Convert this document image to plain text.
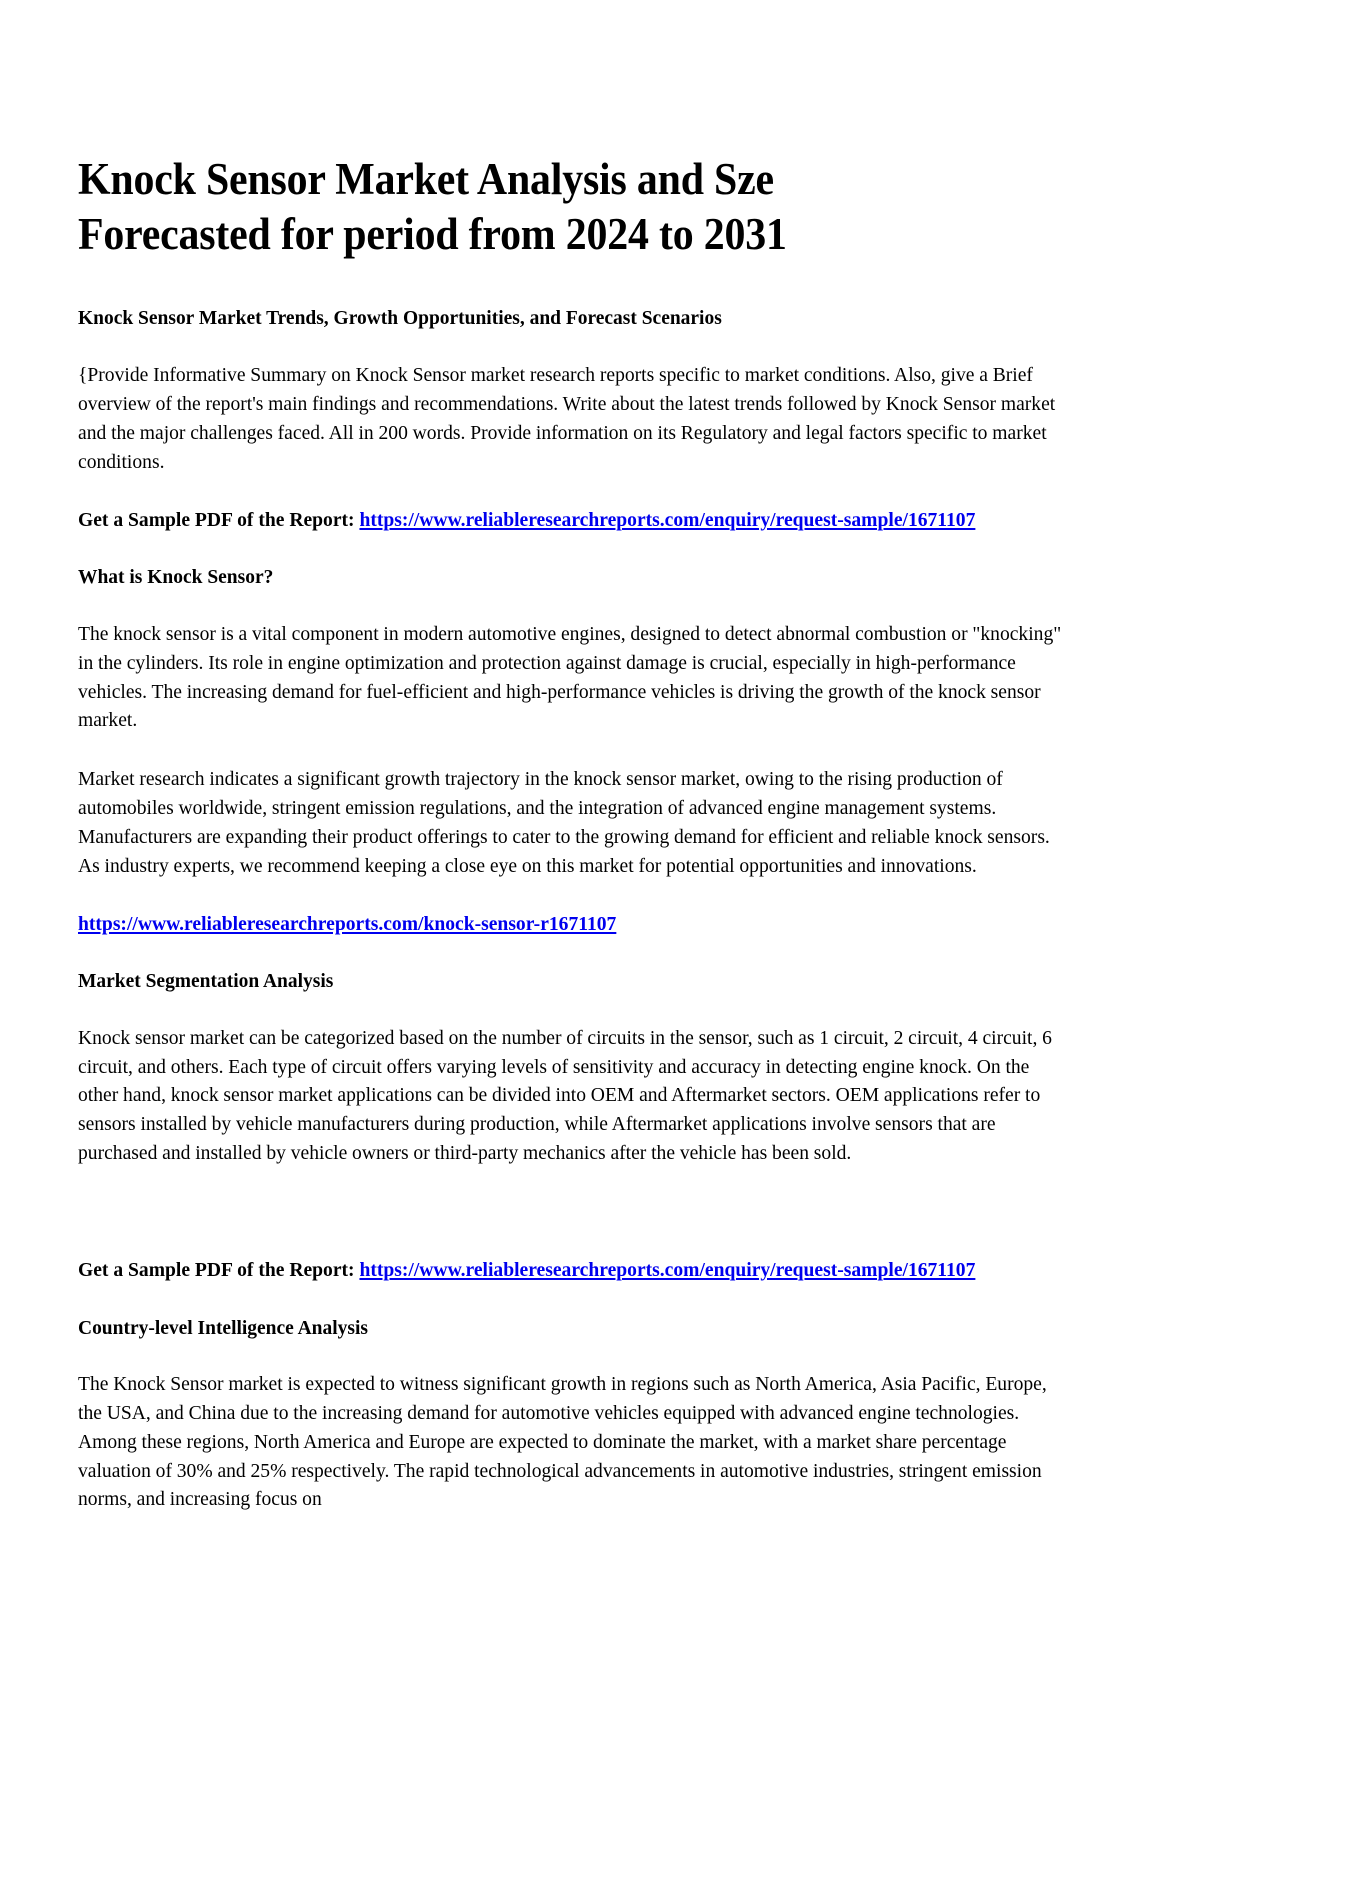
Knock Sensor Market Analysis and Sze
Forecasted for period from 2024 to 2031
Knock Sensor Market Trends, Growth Opportunities, and Forecast Scenarios

{Provide Informative Summary on Knock Sensor market research reports specific to market conditions. Also, give a Brief overview of the report's main findings and recommendations. Write about the latest trends followed by Knock Sensor market and the major challenges faced. All in 200 words. Provide information on its Regulatory and legal factors specific to market conditions.

Get a Sample PDF of the Report: https://www.reliableresearchreports.com/enquiry/request-sample/1671107

What is Knock Sensor?

The knock sensor is a vital component in modern automotive engines, designed to detect abnormal combustion or "knocking" in the cylinders. Its role in engine optimization and protection against damage is crucial, especially in high-performance vehicles. The increasing demand for fuel-efficient and high-performance vehicles is driving the growth of the knock sensor market.

Market research indicates a significant growth trajectory in the knock sensor market, owing to the rising production of automobiles worldwide, stringent emission regulations, and the integration of advanced engine management systems. Manufacturers are expanding their product offerings to cater to the growing demand for efficient and reliable knock sensors. As industry experts, we recommend keeping a close eye on this market for potential opportunities and innovations.

https://www.reliableresearchreports.com/knock-sensor-r1671107

Market Segmentation Analysis

Knock sensor market can be categorized based on the number of circuits in the sensor, such as 1 circuit, 2 circuit, 4 circuit, 6 circuit, and others. Each type of circuit offers varying levels of sensitivity and accuracy in detecting engine knock. On the other hand, knock sensor market applications can be divided into OEM and Aftermarket sectors. OEM applications refer to sensors installed by vehicle manufacturers during production, while Aftermarket applications involve sensors that are purchased and installed by vehicle owners or third-party mechanics after the vehicle has been sold.

Get a Sample PDF of the Report: https://www.reliableresearchreports.com/enquiry/request-sample/1671107

Country-level Intelligence Analysis

The Knock Sensor market is expected to witness significant growth in regions such as North America, Asia Pacific, Europe, the USA, and China due to the increasing demand for automotive vehicles equipped with advanced engine technologies. Among these regions, North America and Europe are expected to dominate the market, with a market share percentage valuation of 30% and 25% respectively. The rapid technological advancements in automotive industries, stringent emission norms, and increasing focus on
